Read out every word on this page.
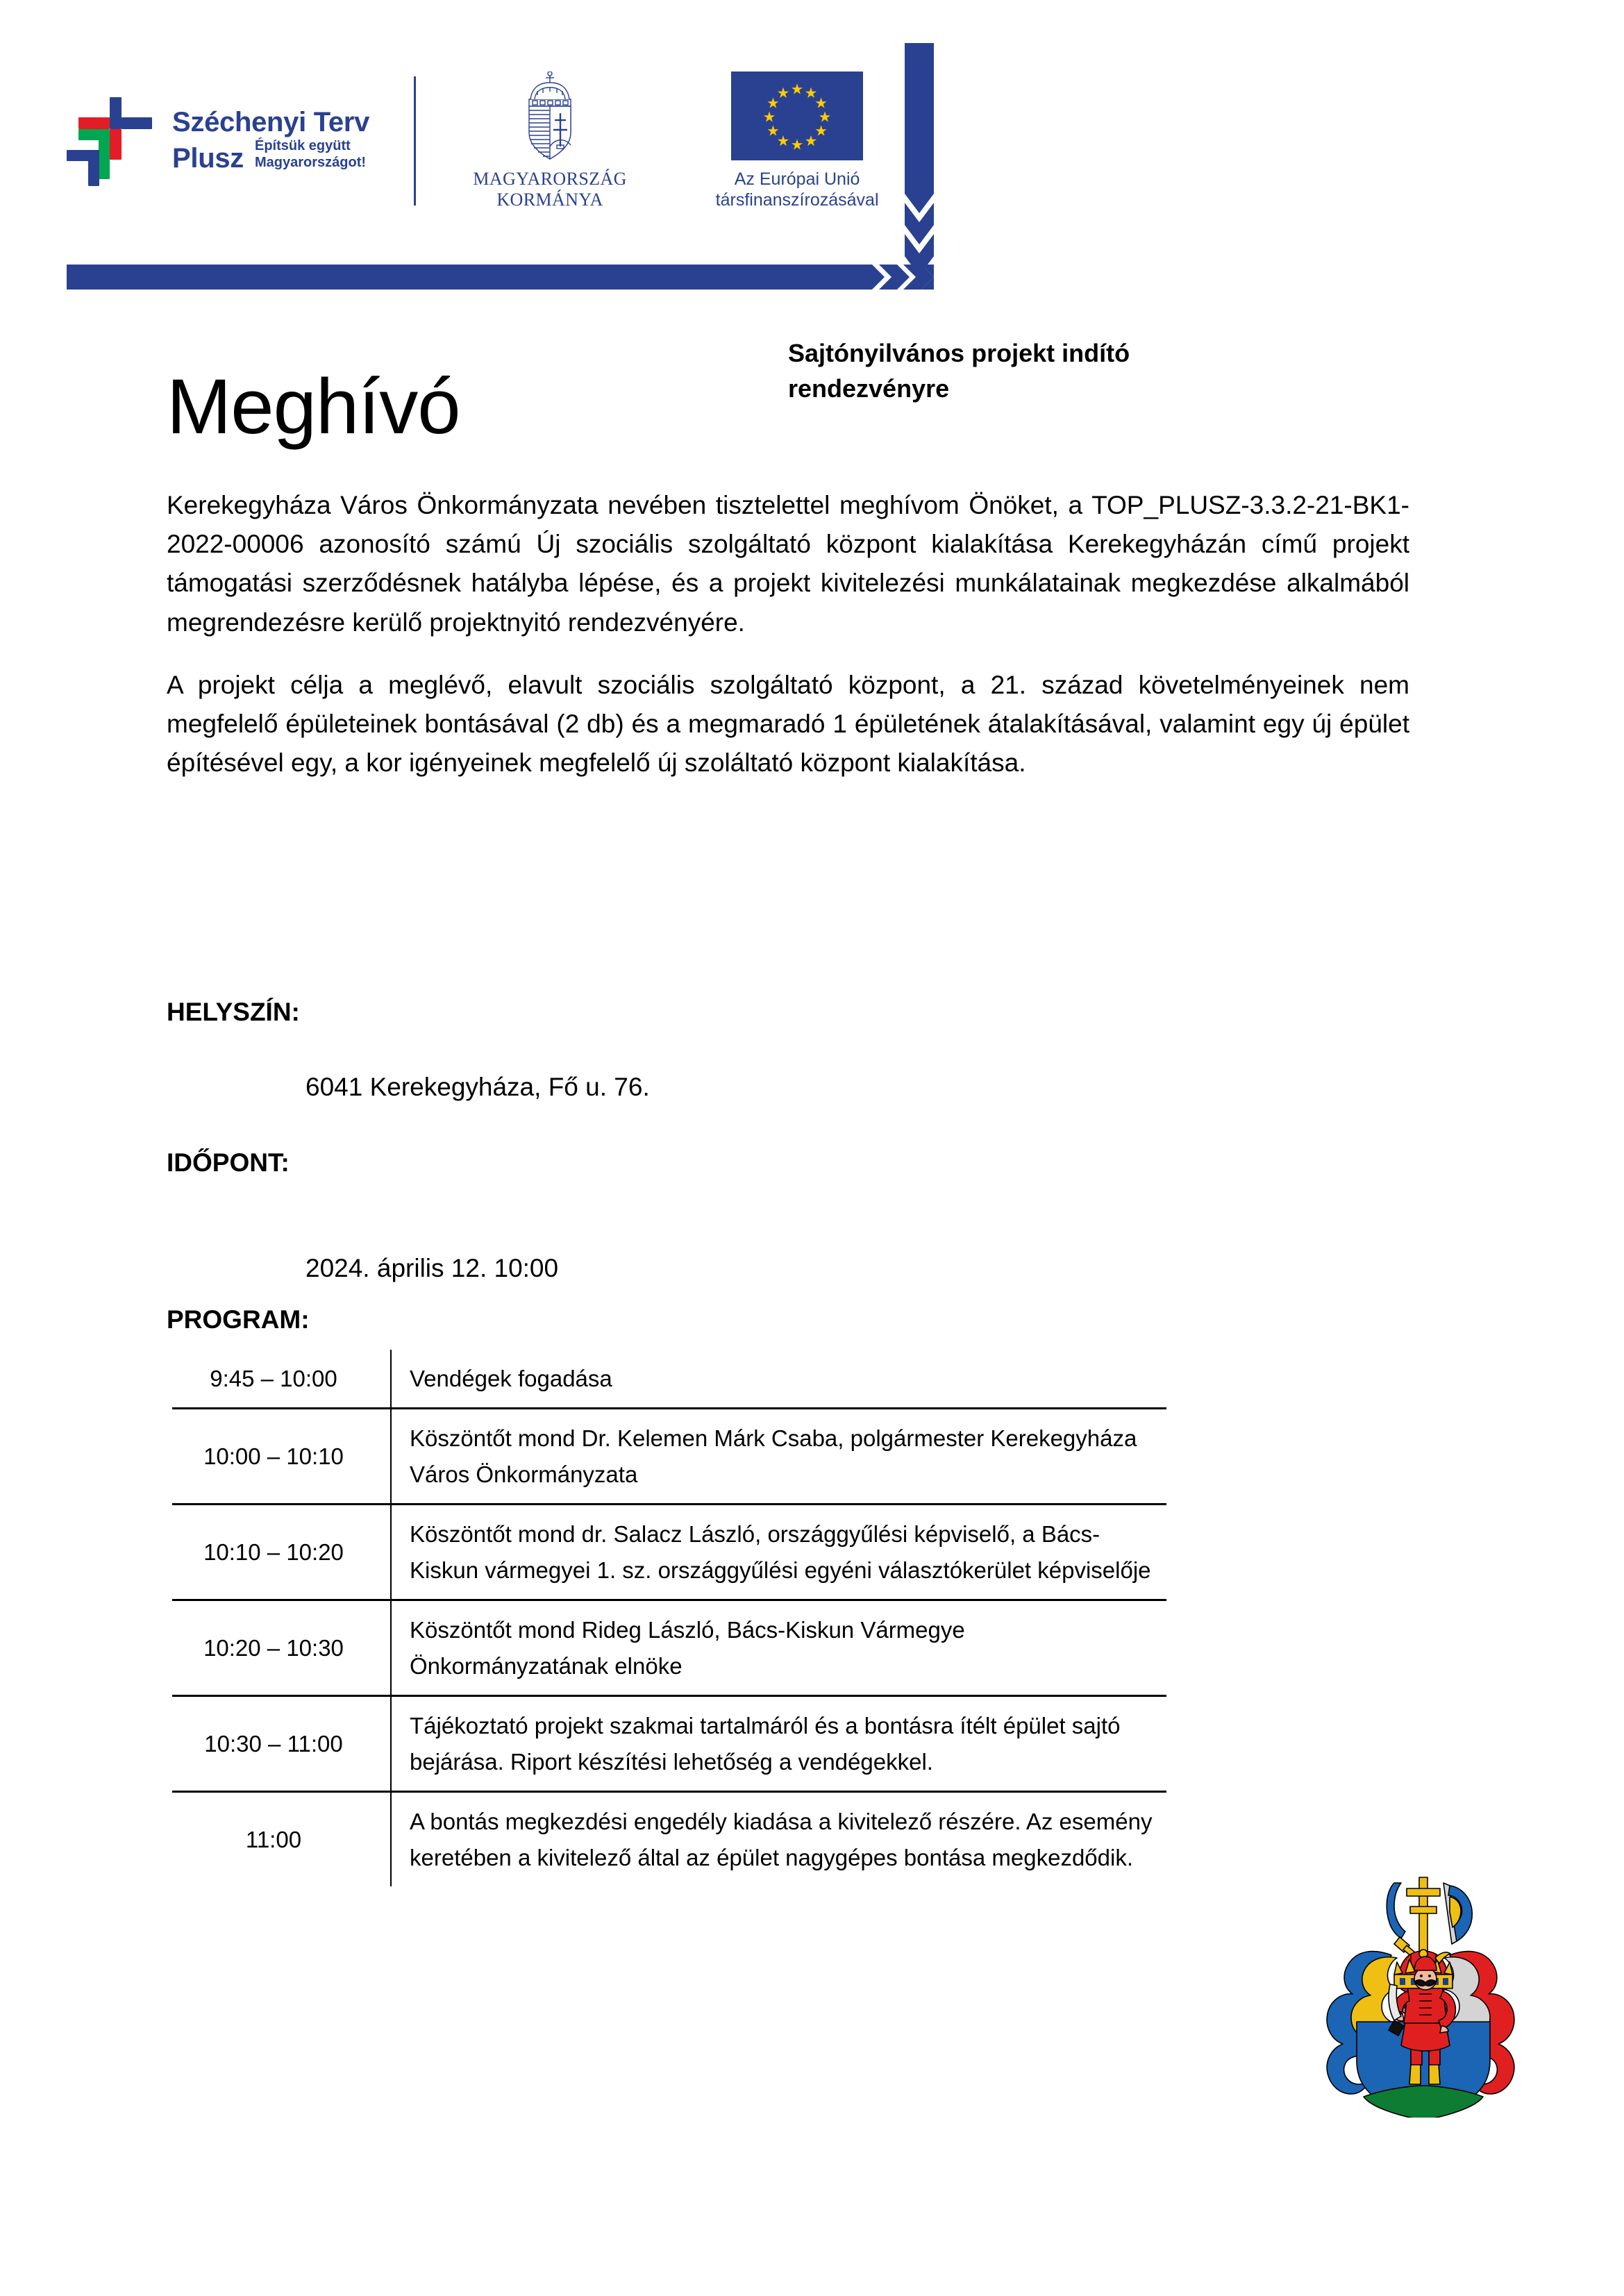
Széchenyi Terv
Plusz Építsük együtt
Magyarországot!
MAGYARORSZÁG
KORMÁNYA
Az Európai Unió
társfinanszírozásával
Meghívó
Sajtónyilvános projekt indító
rendezvényre

Kerekegyháza Város Önkormányzata nevében tisztelettel meghívom Önöket, a TOP_PLUSZ-3.3.2-21-BK1-2022-00006 azonosító számú Új szociális szolgáltató központ kialakítása Kerekegyházán című projekt támogatási szerződésnek hatályba lépése, és a projekt kivitelezési munkálatainak megkezdése alkalmából megrendezésre kerülő projektnyitó rendezvényére.

A projekt célja a meglévő, elavult szociális szolgáltató központ, a 21. század követelményeinek nem megfelelő épületeinek bontásával (2 db) és a megmaradó 1 épületének átalakításával, valamint egy új épület építésével egy, a kor igényeinek megfelelő új szoláltató központ kialakítása.

HELYSZÍN:

6041 Kerekegyháza, Fő u. 76.

IDŐPONT:

2024. április 12. 10:00

PROGRAM:
9:45 – 10:00	Vendégek fogadása
10:00 – 10:10	Köszöntőt mond Dr. Kelemen Márk Csaba, polgármester Kerekegyháza Város Önkormányzata
10:10 – 10:20	Köszöntőt mond dr. Salacz László, országgyűlési képviselő, a Bács-Kiskun vármegyei 1. sz. országgyűlési egyéni választókerület képviselője
10:20 – 10:30	Köszöntőt mond Rideg László, Bács-Kiskun Vármegye Önkormányzatának elnöke
10:30 – 11:00	Tájékoztató projekt szakmai tartalmáról és a bontásra ítélt épület sajtó bejárása. Riport készítési lehetőség a vendégekkel.
11:00	A bontás megkezdési engedély kiadása a kivitelező részére. Az esemény keretében a kivitelező által az épület nagygépes bontása megkezdődik.
